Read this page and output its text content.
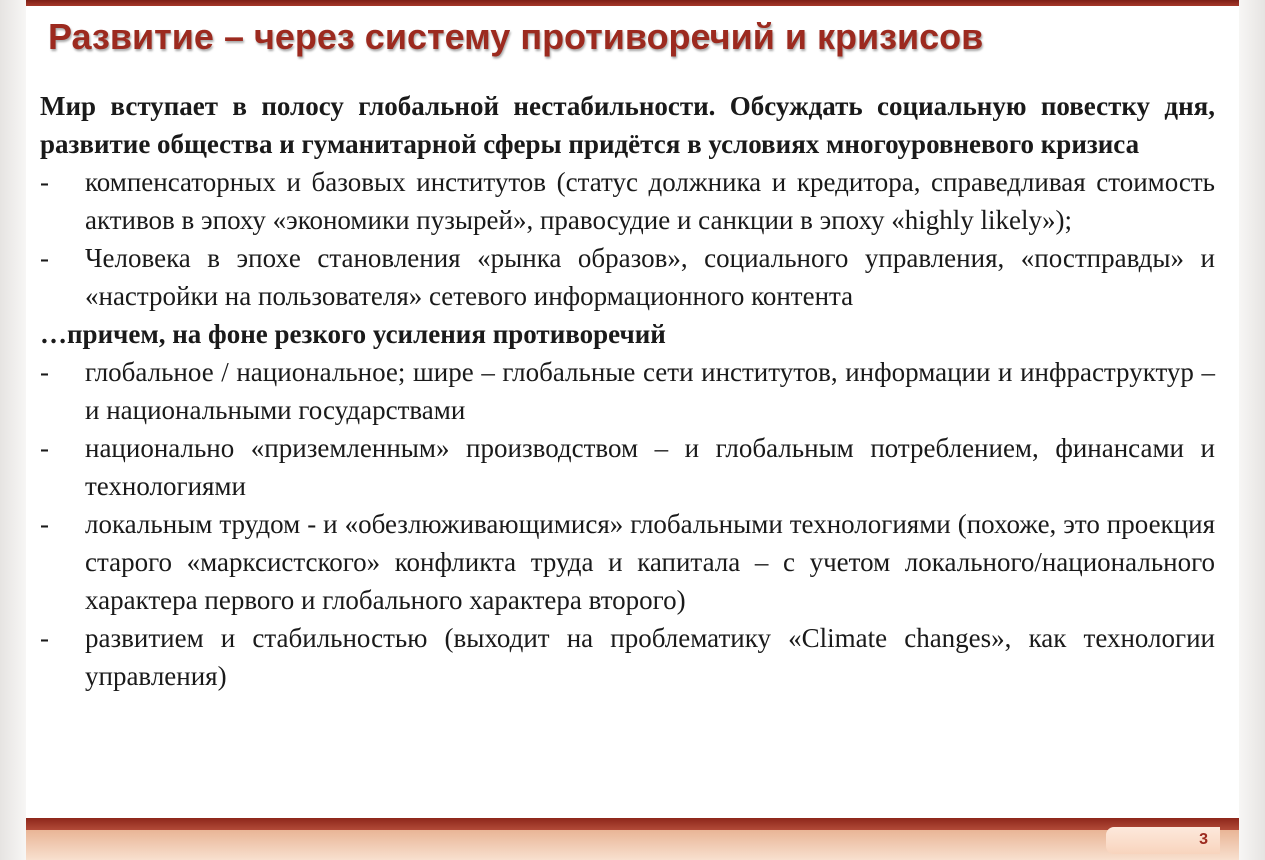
Развитие – через систему противоречий и кризисов

Мир вступает в полосу глобальной нестабильности. Обсуждать социальную повестку дня, развитие общества и гуманитарной сферы придётся в условиях многоуровневого кризиса

- компенсаторных и базовых институтов (статус должника и кредитора, справедливая стоимость активов в эпоху «экономики пузырей», правосудие и санкции в эпоху «highly likely»);
- Человека в эпохe становления «рынка образов», социального управления, «постправды» и «настройки на пользователя» сетевого информационного контента

…причем, на фоне резкого усиления противоречий

- глобальное / национальное; шире – глобальные сети институтов, информации и инфраструктур – и национальными государствами
- национально «приземленным» производством – и глобальным потреблением, финансами и технологиями
- локальным трудом - и «обезлюживающимися» глобальными технологиями (похоже, это проекция старого «марксистского» конфликта труда и капитала – с учетом локального/национального характера первого и глобального характера второго)
- развитием и стабильностью (выходит на проблематику «Climate changes», как технологии управления)
3
